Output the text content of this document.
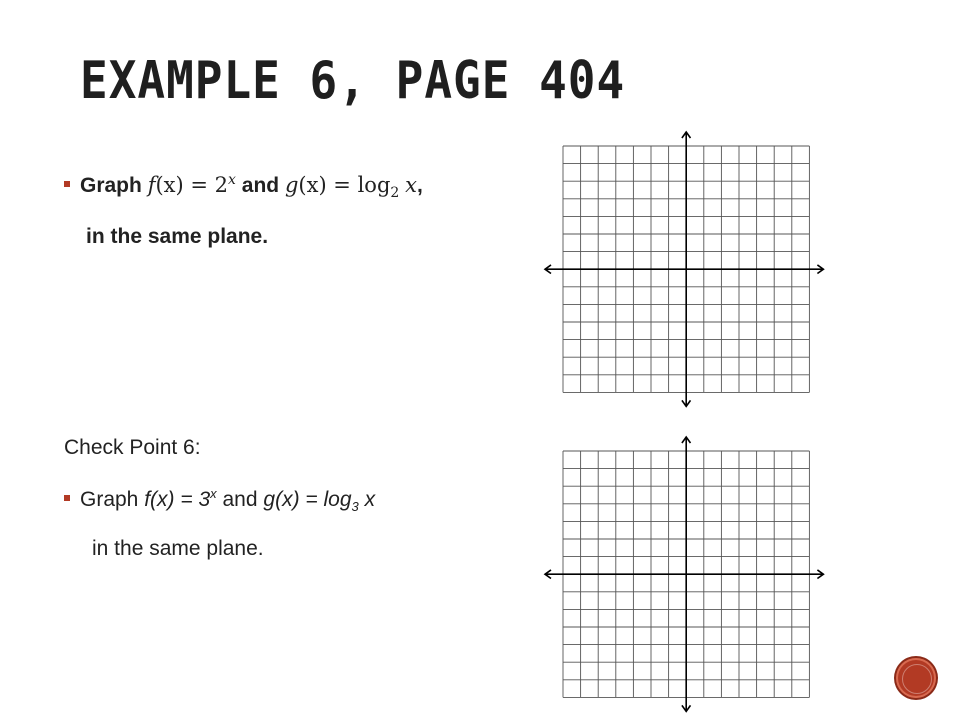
EXAMPLE 6, PAGE 404
Graph $f(x) = 2^x$ and $g(x) = \log_2 x$,
in the same plane.
Check Point 6:
Graph $f(x) = 3^x$ and $g(x) = \log_3 x$
in the same plane.
